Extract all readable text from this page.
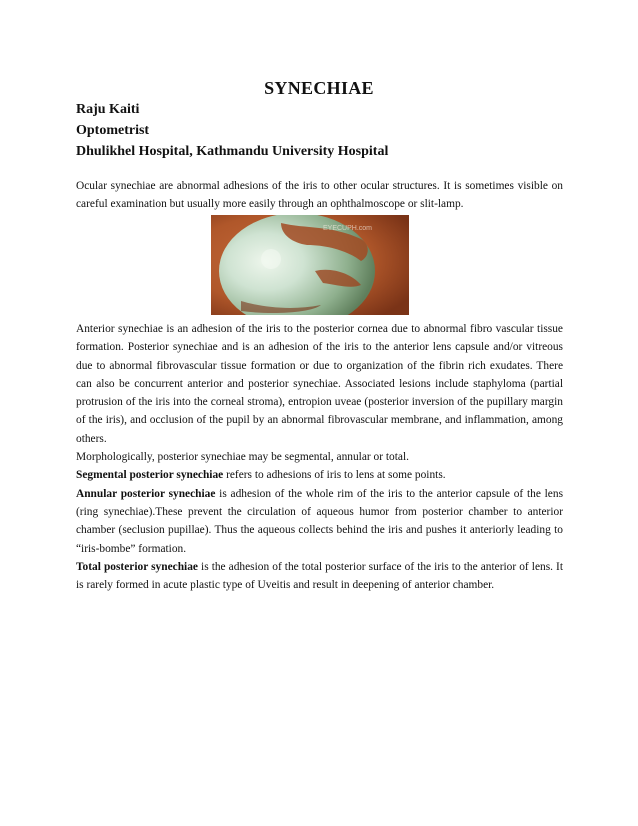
SYNECHIAE
Raju Kaiti
Optometrist
Dhulikhel Hospital, Kathmandu University Hospital
Ocular synechiae are abnormal adhesions of the iris to other ocular structures. It is sometimes visible on careful examination but usually more easily through an ophthalmoscope or slit-lamp.
EYECUPH.com

Anterior synechiae is an adhesion of the iris to the posterior cornea due to abnormal fibro vascular tissue formation. Posterior synechiae and is an adhesion of the iris to the anterior lens capsule and/or vitreous due to abnormal fibrovascular tissue formation or due to organization of the fibrin rich exudates. There can also be concurrent anterior and posterior synechiae. Associated lesions include staphyloma (partial protrusion of the iris into the corneal stroma), entropion uveae (posterior inversion of the pupillary margin of the iris), and occlusion of the pupil by an abnormal fibrovascular membrane, and inflammation, among others.

Morphologically, posterior synechiae may be segmental, annular or total.

Segmental posterior synechiae refers to adhesions of iris to lens at some points.

Annular posterior synechiae is adhesion of the whole rim of the iris to the anterior capsule of the lens (ring synechiae).These prevent the circulation of aqueous humor from posterior chamber to anterior chamber (seclusion pupillae). Thus the aqueous collects behind the iris and pushes it anteriorly leading to “iris-bombe” formation.

Total posterior synechiae is the adhesion of the total posterior surface of the iris to the anterior of lens. It is rarely formed in acute plastic type of Uveitis and result in deepening of anterior chamber.
